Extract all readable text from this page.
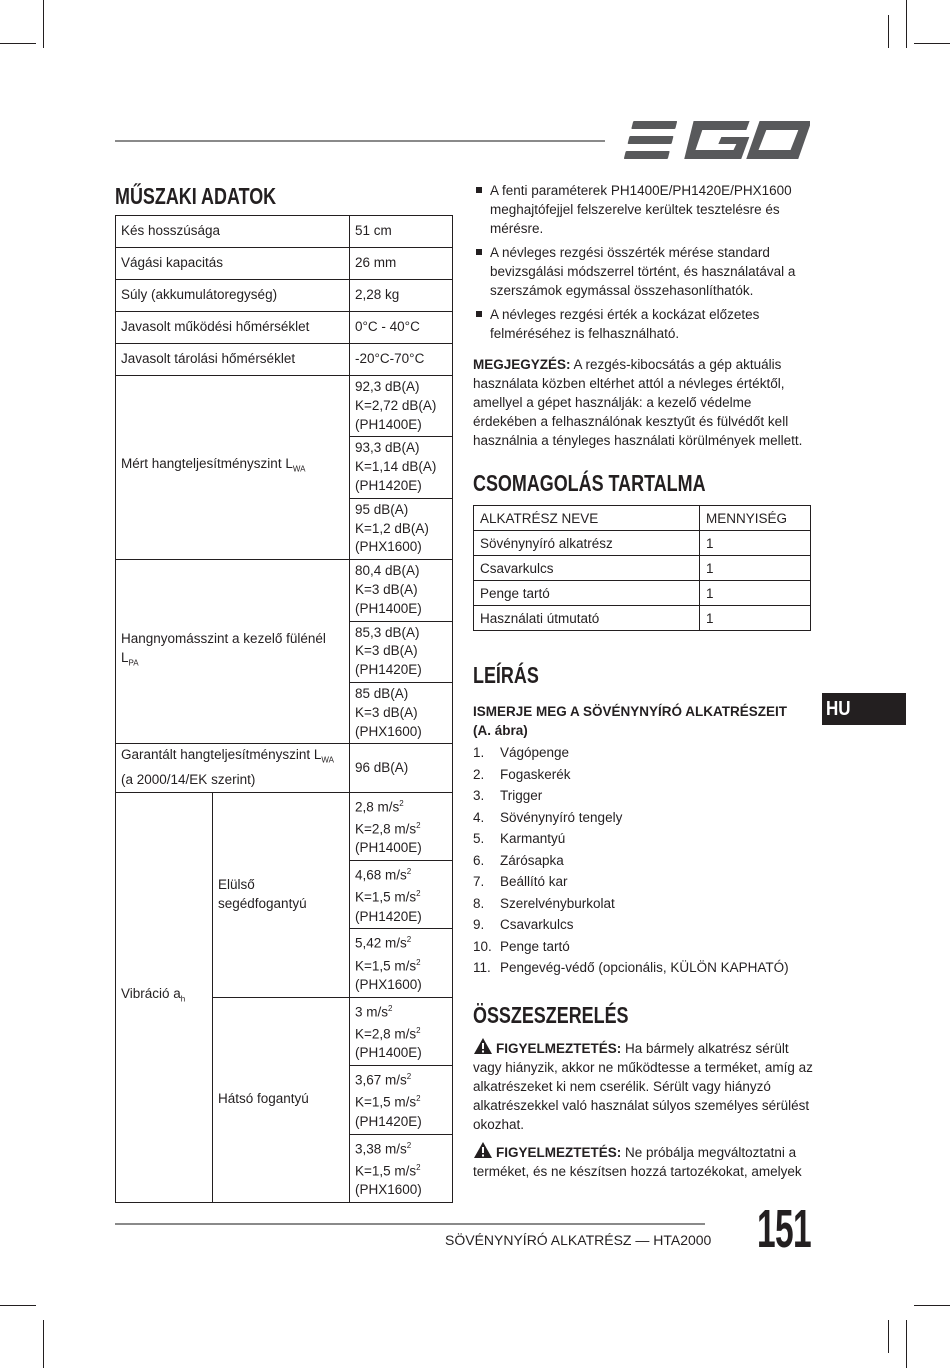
MŰSZAKI ADATOK
Kés hosszúsága		51 cm
Vágási kapacitás		26 mm
Súly (akkumulátoregység)		2,28 kg
Javasolt működési hőmérséklet		0°C - 40°C
Javasolt tárolási hőmérséklet		-20°C-70°C
Mért hangteljesítményszint $L_{WA}$		92,3 dB(A)
K=2,72 dB(A)
(PH1400E)

		93,3 dB(A)
K=1,14 dB(A)
(PH1420E)

		95 dB(A)
K=1,2 dB(A)
(PHX1600)

Hangnyomásszint a kezelő fülénél $L_{PA}$		80,4 dB(A)
K=3 dB(A)
(PH1400E)

		85,3 dB(A)
K=3 dB(A)
(PH1420E)

		85 dB(A)
K=3 dB(A)
(PHX1600)

Garantált hangteljesítményszint $L_{WA}$
(a 2000/14/EK szerint)		96 dB(A)
Vibráció $a_h$	Elülső segédfogantyú	2,8 $m/s^2$
K=2,8 $m/s^2$
(PH1400E)

		4,68 $m/s^2$
K=1,5 $m/s^2$
(PH1420E)

		5,42 $m/s^2$
K=1,5 $m/s^2$
(PHX1600)

	Hátsó fogantyú	3 $m/s^2$
K=2,8 $m/s^2$
(PH1400E)

		3,67 $m/s^2$
K=1,5 $m/s^2$
(PH1420E)

		3,38 $m/s^2$
K=1,5 $m/s^2$
(PHX1600)
A fenti paraméterek PH1400E/PH1420E/PHX1600 meghajtófejjel felszerelve kerültek tesztelésre és mérésre.
A névleges rezgési összérték mérése standard bevizsgálási módszerrel történt, és használatával a szerszámok egymással összehasonlíthatók.
A névleges rezgési érték a kockázat előzetes felméréséhez is felhasználható.
MEGJEGYZÉS: A rezgés-kibocsátás a gép aktuális használata közben eltérhet attól a névleges értéktől, amellyel a gépet használják: a kezelő védelme érdekében a felhasználónak kesztyűt és fülvédőt kell használnia a tényleges használati körülmények mellett.
CSOMAGOLÁS TARTALMA
ALKATRÉSZ NEVE	MENNYISÉG
Sövénynyíró alkatrész	1
Csavarkulcs	1
Penge tartó	1
Használati útmutató	1
HU
LEÍRÁS
ISMERJE MEG A SÖVÉNYNYÍRÓ ALKATRÉSZEIT
(A. ábra)
1.	Vágópenge
2.	Fogaskerék
3.	Trigger
4.	Sövénynyíró tengely
5.	Karmantyú
6.	Zárósapka
7.	Beállító kar
8.	Szerelvényburkolat
9.	Csavarkulcs
10. Penge tartó
11. Pengevég-védő (opcionális, KÜLÖN KAPHATÓ)
ÖSSZESZERELÉS

FIGYELMEZTETÉS: Ha bármely alkatrész sérült vagy hiányzik, akkor ne működtesse a terméket, amíg az alkatrészeket ki nem cserélik. Sérült vagy hiányzó alkatrészekkel való használat súlyos személyes sérülést okozhat.

FIGYELMEZTETÉS: Ne próbálja megváltoztatni a terméket, és ne készítsen hozzá tartozékokat, amelyek

SÖVÉNYNYÍRÓ ALKATRÉSZ — HTA2000 151
